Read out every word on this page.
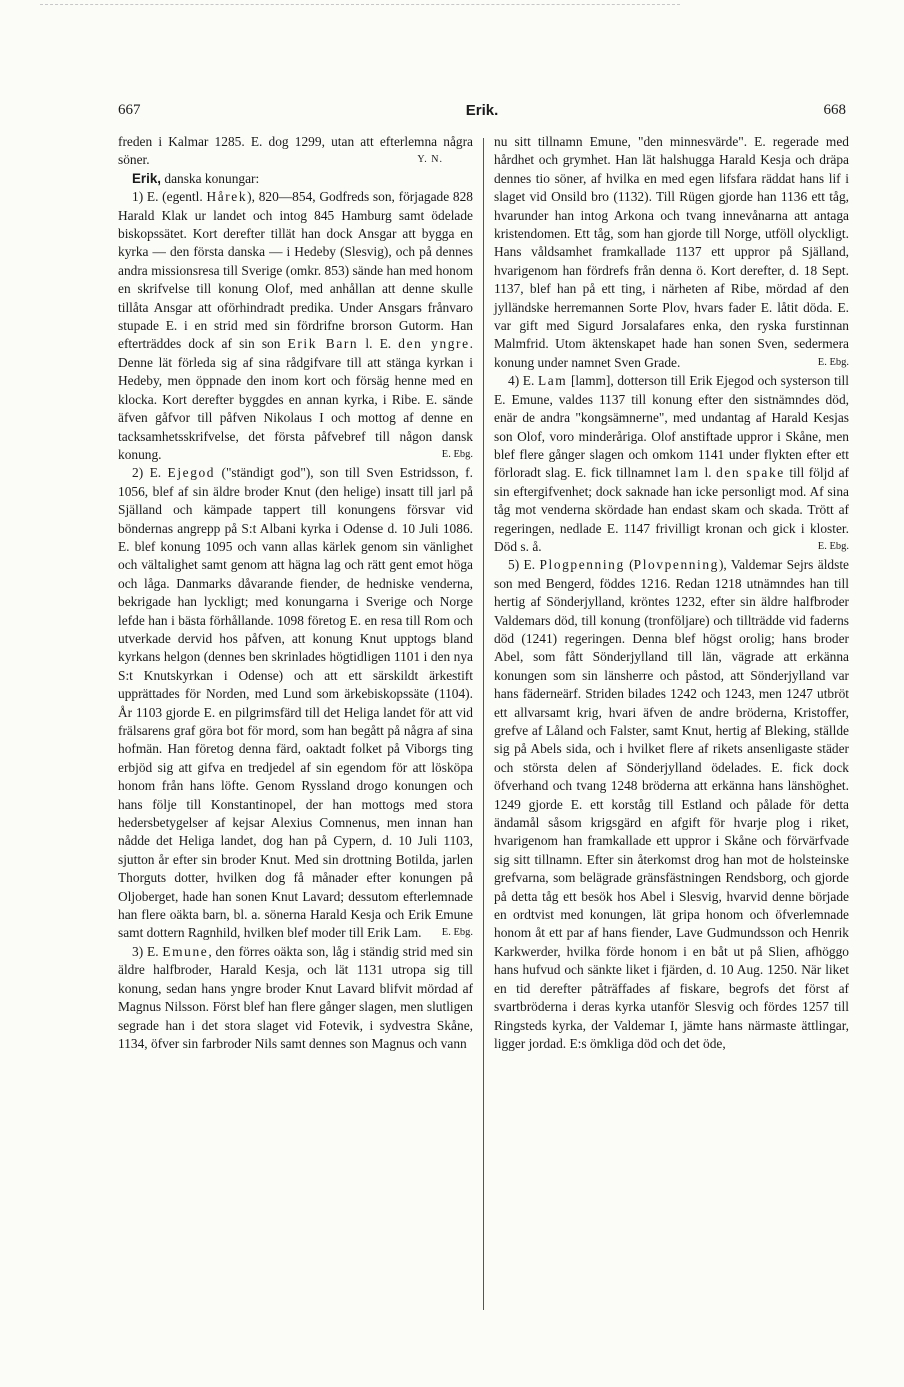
667	Erik.	668

freden i Kalmar 1285. E. dog 1299, utan att efterlemna några söner.	Y. N.

Erik, danska konungar:

1) E. (egentl. Hårek), 820—854, Godfreds son, förjagade 828 Harald Klak ur landet och intog 845 Hamburg samt ödelade biskopssätet. Kort derefter tillät han dock Ansgar att bygga en kyrka — den första danska — i Hedeby (Slesvig), och på dennes andra missionsresa till Sverige (omkr. 853) sände han med honom en skrifvelse till konung Olof, med anhållan att denne skulle tillåta Ansgar att oförhindradt predika. Under Ansgars frånvaro stupade E. i en strid med sin fördrifne brorson Gutorm. Han efterträddes dock af sin son Erik Barn l. E. den yngre. Denne lät förleda sig af sina rådgifvare till att stänga kyrkan i Hedeby, men öppnade den inom kort och försäg henne med en klocka. Kort derefter byggdes en annan kyrka, i Ribe. E. sände äfven gåfvor till påfven Nikolaus I och mottog af denne en tacksamhetsskrifvelse, det första påfvebref till någon dansk konung.	E. Ebg.

2) E. Ejegod ("ständigt god"), son till Sven Estridsson, f. 1056, blef af sin äldre broder Knut (den helige) insatt till jarl på Själland och kämpade tappert till konungens försvar vid böndernas angrepp på S:t Albani kyrka i Odense d. 10 Juli 1086. E. blef konung 1095 och vann allas kärlek genom sin vänlighet och vältalighet samt genom att hägna lag och rätt gent emot höga och låga. Danmarks dåvarande fiender, de hedniske venderna, bekrigade han lyckligt; med konungarna i Sverige och Norge lefde han i bästa förhållande. 1098 företog E. en resa till Rom och utverkade dervid hos påfven, att konung Knut upptogs bland kyrkans helgon (dennes ben skrinlades högtidligen 1101 i den nya S:t Knutskyrkan i Odense) och att ett särskildt ärkestift upprättades för Norden, med Lund som ärkebiskopssäte (1104). År 1103 gjorde E. en pilgrimsfärd till det Heliga landet för att vid frälsarens graf göra bot för mord, som han begått på några af sina hofmän. Han företog denna färd, oaktadt folket på Viborgs ting erbjöd sig att gifva en tredjedel af sin egendom för att lösköpa honom från hans löfte. Genom Ryssland drogo konungen och hans följe till Konstantinopel, der han mottogs med stora hedersbetygelser af kejsar Alexius Comnenus, men innan han nådde det Heliga landet, dog han på Cypern, d. 10 Juli 1103, sjutton år efter sin broder Knut. Med sin drottning Botilda, jarlen Thorguts dotter, hvilken dog få månader efter konungen på Oljoberget, hade han sonen Knut Lavard; dessutom efterlemnade han flere oäkta barn, bl. a. sönerna Harald Kesja och Erik Emune samt dottern Ragnhild, hvilken blef moder till Erik Lam.	E. Ebg.

3) E. Emune, den förres oäkta son, låg i ständig strid med sin äldre halfbroder, Harald Kesja, och lät 1131 utropa sig till konung, sedan hans yngre broder Knut Lavard blifvit mördad af Magnus Nilsson. Först blef han flere gånger slagen, men slutligen segrade han i det stora slaget vid Fotevik, i sydvestra Skåne, 1134, öfver sin farbroder Nils samt dennes son Magnus och vann

nu sitt tillnamn Emune, "den minnesvärde". E. regerade med hårdhet och grymhet. Han lät halshugga Harald Kesja och dräpa dennes tio söner, af hvilka en med egen lifsfara räddat hans lif i slaget vid Onsild bro (1132). Till Rügen gjorde han 1136 ett tåg, hvarunder han intog Arkona och tvang innevånarna att antaga kristendomen. Ett tåg, som han gjorde till Norge, utföll olyckligt. Hans våldsamhet framkallade 1137 ett uppror på Själland, hvarigenom han fördrefs från denna ö. Kort derefter, d. 18 Sept. 1137, blef han på ett ting, i närheten af Ribe, mördad af den jylländske herremannen Sorte Plov, hvars fader E. låtit döda. E. var gift med Sigurd Jorsalafares enka, den ryska furstinnan Malmfrid. Utom äktenskapet hade han sonen Sven, sedermera konung under namnet Sven Grade.	E. Ebg.

4) E. Lam [lamm], dotterson till Erik Ejegod och systerson till E. Emune, valdes 1137 till konung efter den sistnämndes död, enär de andra "kongsämnerne", med undantag af Harald Kesjas son Olof, voro minderåriga. Olof anstiftade uppror i Skåne, men blef flere gånger slagen och omkom 1141 under flykten efter ett förloradt slag. E. fick tillnamnet lam l. den spake till följd af sin eftergifvenhet; dock saknade han icke personligt mod. Af sina tåg mot venderna skördade han endast skam och skada. Trött af regeringen, nedlade E. 1147 frivilligt kronan och gick i kloster. Död s. å.	E. Ebg.

5) E. Plogpenning (Plovpenning), Valdemar Sejrs äldste son med Bengerd, föddes 1216. Redan 1218 utnämndes han till hertig af Sönderjylland, kröntes 1232, efter sin äldre halfbroder Valdemars död, till konung (tronföljare) och tillträdde vid faderns död (1241) regeringen. Denna blef högst orolig; hans broder Abel, som fått Sönderjylland till län, vägrade att erkänna konungen som sin länsherre och påstod, att Sönderjylland var hans fäderneärf. Striden bilades 1242 och 1243, men 1247 utbröt ett allvarsamt krig, hvari äfven de andre bröderna, Kristoffer, grefve af Låland och Falster, samt Knut, hertig af Bleking, ställde sig på Abels sida, och i hvilket flere af rikets ansenligaste städer och största delen af Sönderjylland ödelades. E. fick dock öfverhand och tvang 1248 bröderna att erkänna hans länshöghet. 1249 gjorde E. ett korståg till Estland och pålade för detta ändamål såsom krigsgärd en afgift för hvarje plog i riket, hvarigenom han framkallade ett uppror i Skåne och förvärfvade sig sitt tillnamn. Efter sin återkomst drog han mot de holsteinske grefvarna, som belägrade gränsfästningen Rendsborg, och gjorde på detta tåg ett besök hos Abel i Slesvig, hvarvid denne började en ordtvist med konungen, lät gripa honom och öfverlemnade honom åt ett par af hans fiender, Lave Gudmundsson och Henrik Karkwerder, hvilka förde honom i en båt ut på Slien, afhöggo hans hufvud och sänkte liket i fjärden, d. 10 Aug. 1250. När liket en tid derefter påträffades af fiskare, begrofs det först af svartbröderna i deras kyrka utanför Slesvig och fördes 1257 till Ringsteds kyrka, der Valdemar I, jämte hans närmaste ättlingar, ligger jordad. E:s ömkliga död och det öde,
